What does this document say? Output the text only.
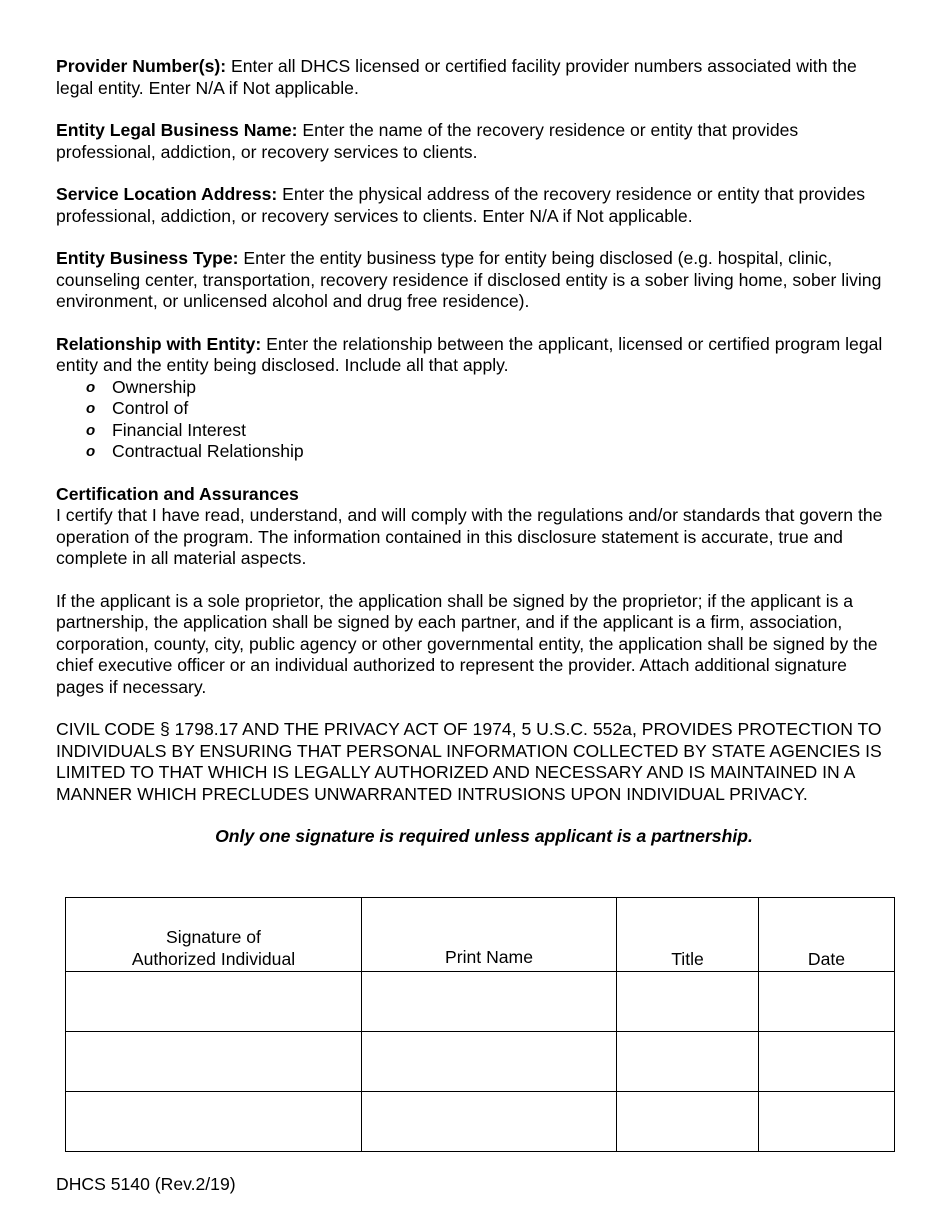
Provider Number(s): Enter all DHCS licensed or certified facility provider numbers associated with the legal entity. Enter N/A if Not applicable.

Entity Legal Business Name: Enter the name of the recovery residence or entity that provides professional, addiction, or recovery services to clients.

Service Location Address: Enter the physical address of the recovery residence or entity that provides professional, addiction, or recovery services to clients. Enter N/A if Not applicable.

Entity Business Type: Enter the entity business type for entity being disclosed (e.g. hospital, clinic, counseling center, transportation, recovery residence if disclosed entity is a sober living home, sober living environment, or unlicensed alcohol and drug free residence).

Relationship with Entity: Enter the relationship between the applicant, licensed or certified program legal entity and the entity being disclosed. Include all that apply.

o Ownership
o Control of
o Financial Interest
o Contractual Relationship

Certification and Assurances

I certify that I have read, understand, and will comply with the regulations and/or standards that govern the operation of the program. The information contained in this disclosure statement is accurate, true and complete in all material aspects.

If the applicant is a sole proprietor, the application shall be signed by the proprietor; if the applicant is a partnership, the application shall be signed by each partner, and if the applicant is a firm, association, corporation, county, city, public agency or other governmental entity, the application shall be signed by the chief executive officer or an individual authorized to represent the provider. Attach additional signature pages if necessary.

CIVIL CODE § 1798.17 AND THE PRIVACY ACT OF 1974, 5 U.S.C. 552a, PROVIDES PROTECTION TO INDIVIDUALS BY ENSURING THAT PERSONAL INFORMATION COLLECTED BY STATE AGENCIES IS LIMITED TO THAT WHICH IS LEGALLY AUTHORIZED AND NECESSARY AND IS MAINTAINED IN A MANNER WHICH PRECLUDES UNWARRANTED INTRUSIONS UPON INDIVIDUAL PRIVACY.

Only one signature is required unless applicant is a partnership.

Signature of
Authorized Individual	Print Name	Title	Date

DHCS 5140 (Rev.2/19)
